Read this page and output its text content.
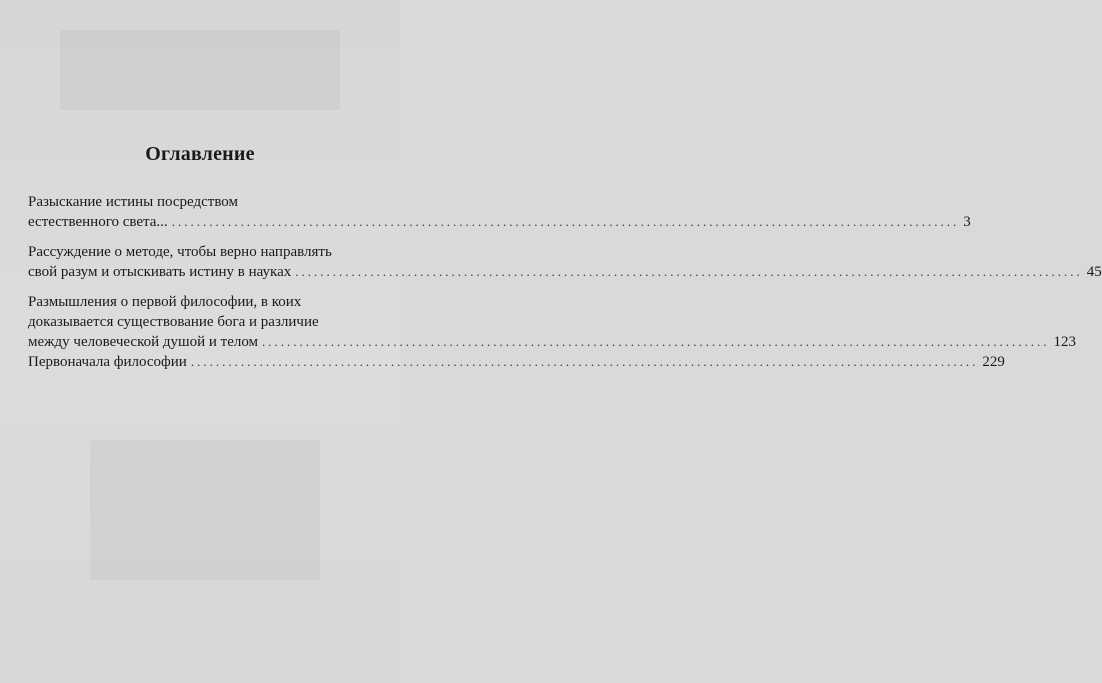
Оглавление
Разыскание истины посредством
естественного света... .............................................................................................................................. 3
Рассуждение о методе, чтобы верно направлять
свой разум и отыскивать истину в науках .............................................................................................................................. 45
Размышления о первой философии, в коих
доказывается существование бога и различие
между человеческой душой и телом .............................................................................................................................. 123
Первоначала философии .............................................................................................................................. 229
